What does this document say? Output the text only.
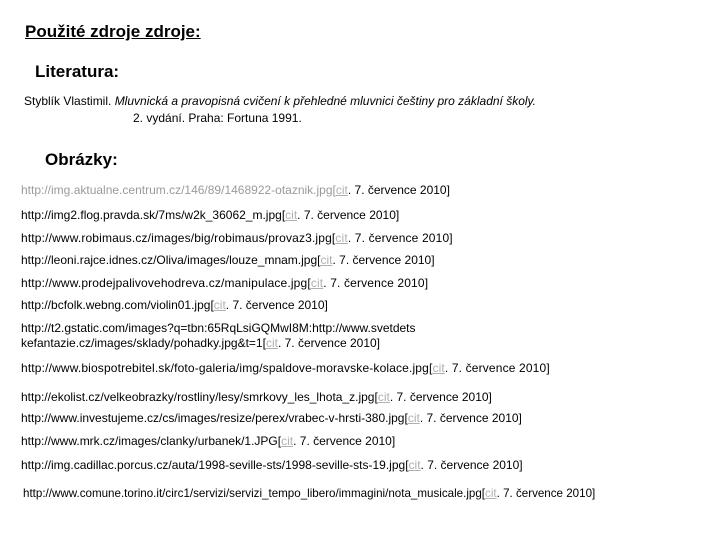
Použité zdroje zdroje:
Literatura:
Styblík Vlastimil. Mluvnická a pravopisná cvičení k přehledné mluvnici češtiny pro základní školy.
2. vydání. Praha: Fortuna 1991.
Obrázky:
http://img.aktualne.centrum.cz/146/89/1468922-otaznik.jpg[cit. 7. července 2010]
http://img2.flog.pravda.sk/7ms/w2k_36062_m.jpg[cit. 7. července 2010]
http://www.robimaus.cz/images/big/robimaus/provaz3.jpg[cit. 7. července 2010]
http://leoni.rajce.idnes.cz/Oliva/images/louze_mnam.jpg[cit. 7. července 2010]
http://www.prodejpalivovehodreva.cz/manipulace.jpg[cit. 7. července 2010]
http://bcfolk.webng.com/violin01.jpg[cit. 7. července 2010]
http://t2.gstatic.com/images?q=tbn:65RqLsiGQMwI8M:http://www.svetdets
kefantazie.cz/images/sklady/pohadky.jpg&t=1[cit. 7. července 2010]
http://www.biospotrebitel.sk/foto-galeria/img/spaldove-moravske-kolace.jpg[cit. 7. července 2010]
http://ekolist.cz/velkeobrazky/rostliny/lesy/smrkovy_les_lhota_z.jpg[cit. 7. července 2010]
http://www.investujeme.cz/cs/images/resize/perex/vrabec-v-hrsti-380.jpg[cit. 7. července 2010]
http://www.mrk.cz/images/clanky/urbanek/1.JPG[cit. 7. července 2010]
http://img.cadillac.porcus.cz/auta/1998-seville-sts/1998-seville-sts-19.jpg[cit. 7. července 2010]
http://www.comune.torino.it/circ1/servizi/servizi_tempo_libero/immagini/nota_musicale.jpg[cit. 7. července 2010]
